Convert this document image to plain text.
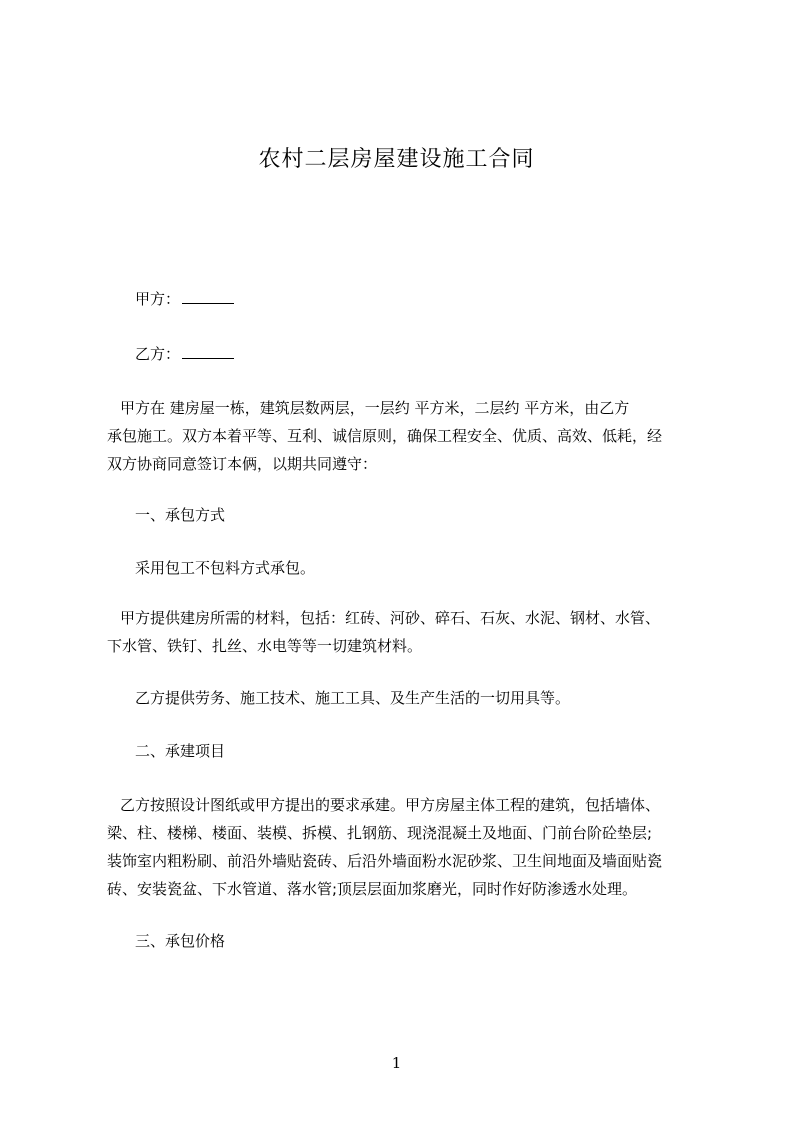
农村二层房屋建设施工合同
甲方：
乙方：
甲方在 建房屋一栋，建筑层数两层，一层约 平方米，二层约 平方米，由乙方
承包施工。双方本着平等、互利、诚信原则，确保工程安全、优质、高效、低耗，经
双方协商同意签订本俩，以期共同遵守：
一、承包方式
采用包工不包料方式承包。
甲方提供建房所需的材料，包括：红砖、河砂、碎石、石灰、水泥、钢材、水管、
下水管、铁钉、扎丝、水电等等一切建筑材料。
乙方提供劳务、施工技术、施工工具、及生产生活的一切用具等。
二、承建项目
乙方按照设计图纸或甲方提出的要求承建。甲方房屋主体工程的建筑，包括墙体、
梁、柱、楼梯、楼面、装模、拆模、扎钢筋、现浇混凝土及地面、门前台阶砼垫层;
装饰室内粗粉刷、前沿外墙贴瓷砖、后沿外墙面粉水泥砂浆、卫生间地面及墙面贴瓷
砖、安装瓷盆、下水管道、落水管;顶层层面加浆磨光，同时作好防渗透水处理。
三、承包价格
1
